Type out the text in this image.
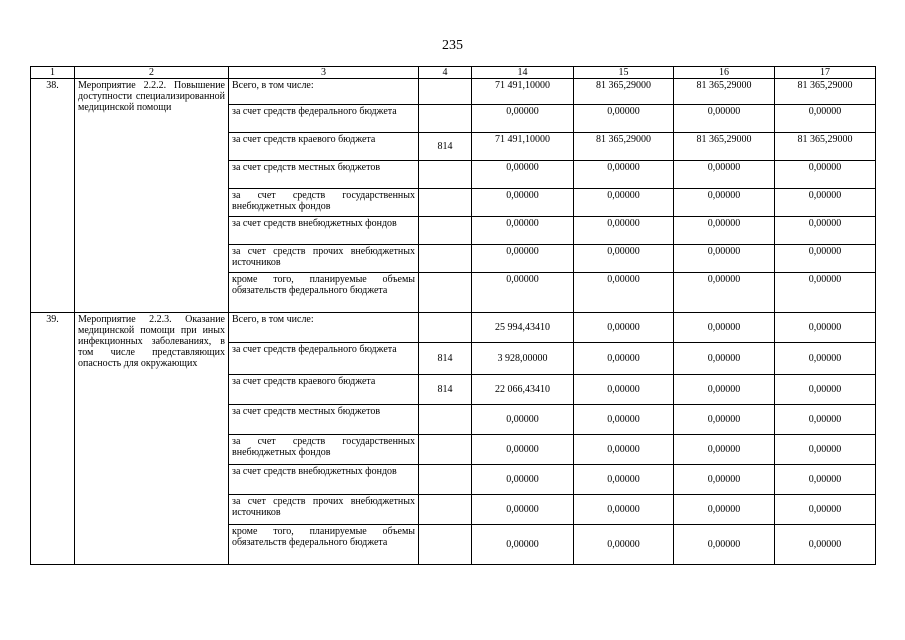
235
1	2	3	4	14	15	16	17
38.	Мероприятие 2.2.2. Повышение доступности специализированной медицинской помощи	Всего, в том числе:		71 491,10000	81 365,29000	81 365,29000	81 365,29000
		за счет средств федерального бюджета		0,00000	0,00000	0,00000	0,00000
		за счет средств краевого бюджета	814	71 491,10000	81 365,29000	81 365,29000	81 365,29000
		за счет средств местных бюджетов		0,00000	0,00000	0,00000	0,00000
		за счет средств государственных внебюджетных фондов		0,00000	0,00000	0,00000	0,00000
		за счет средств внебюджетных фондов		0,00000	0,00000	0,00000	0,00000
		за счет средств прочих внебюджетных источников		0,00000	0,00000	0,00000	0,00000
		кроме того, планируемые объемы обязательств федерального бюджета		0,00000	0,00000	0,00000	0,00000
39.	Мероприятие 2.2.3. Оказание медицинской помощи при иных инфекционных заболеваниях, в том числе представляющих опасность для окружающих	Всего, в том числе:		25 994,43410	0,00000	0,00000	0,00000
		за счет средств федерального бюджета	814	3 928,00000	0,00000	0,00000	0,00000
		за счет средств краевого бюджета	814	22 066,43410	0,00000	0,00000	0,00000
		за счет средств местных бюджетов		0,00000	0,00000	0,00000	0,00000
		за счет средств государственных внебюджетных фондов		0,00000	0,00000	0,00000	0,00000
		за счет средств внебюджетных фондов		0,00000	0,00000	0,00000	0,00000
		за счет средств прочих внебюджетных источников		0,00000	0,00000	0,00000	0,00000
		кроме того, планируемые объемы обязательств федерального бюджета		0,00000	0,00000	0,00000	0,00000
